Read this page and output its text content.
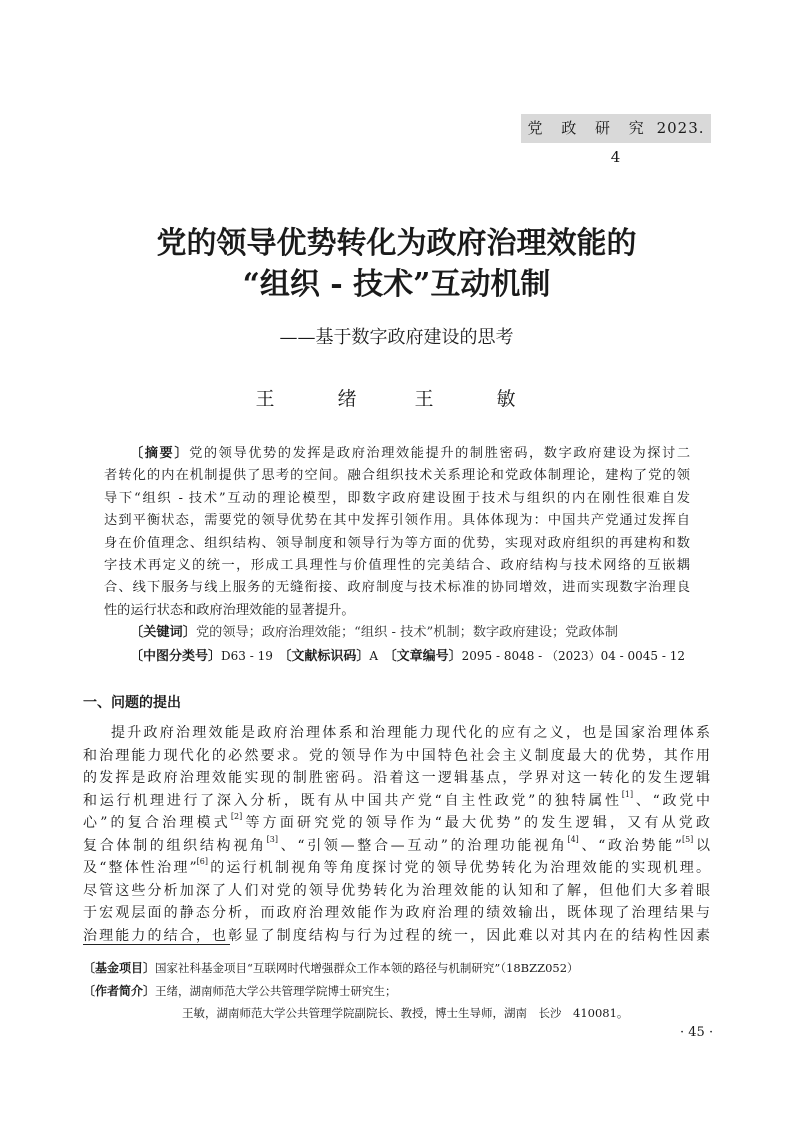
党 政 研 究 2023. 4
党的领导优势转化为政府治理效能的
“组织 - 技术”互动机制
——基于数字政府建设的思考
王　绪 王　敏
〔摘要〕党的领导优势的发挥是政府治理效能提升的制胜密码，数字政府建设为探讨二
者转化的内在机制提供了思考的空间。融合组织技术关系理论和党政体制理论，建构了党的领
导下“组织 - 技术”互动的理论模型，即数字政府建设囿于技术与组织的内在刚性很难自发
达到平衡状态，需要党的领导优势在其中发挥引领作用。具体体现为：中国共产党通过发挥自
身在价值理念、组织结构、领导制度和领导行为等方面的优势，实现对政府组织的再建构和数
字技术再定义的统一，形成工具理性与价值理性的完美结合、政府结构与技术网络的互嵌耦
合、线下服务与线上服务的无缝衔接、政府制度与技术标准的协同增效，进而实现数字治理良
性的运行状态和政府治理效能的显著提升。
〔关键词〕党的领导；政府治理效能；“组织 - 技术”机制；数字政府建设；党政体制
〔中图分类号〕D63 - 19　 〔文献标识码〕A　 〔文章编号〕2095 - 8048 - （2023）04 - 0045 - 12
一、问题的提出
提升政府治理效能是政府治理体系和治理能力现代化的应有之义，也是国家治理体系
和治理能力现代化的必然要求。党的领导作为中国特色社会主义制度最大的优势，其作用
的发挥是政府治理效能实现的制胜密码。沿着这一逻辑基点，学界对这一转化的发生逻辑
和运行机理进行了深入分析，既有从中国共产党“自主性政党”的独特属性[1]、“政党中
心”的复合治理模式[2]等方面研究党的领导作为“最大优势”的发生逻辑，又有从党政
复合体制的组织结构视角[3]、“引领—整合—互动”的治理功能视角[4]、“政治势能”[5]以
及“整体性治理”[6]的运行机制视角等角度探讨党的领导优势转化为治理效能的实现机理。
尽管这些分析加深了人们对党的领导优势转化为治理效能的认知和了解，但他们大多着眼
于宏观层面的静态分析，而政府治理效能作为政府治理的绩效输出，既体现了治理结果与
治理能力的结合，也彰显了制度结构与行为过程的统一，因此难以对其内在的结构性因素
〔基金项目〕国家社科基金项目“互联网时代增强群众工作本领的路径与机制研究”（18BZZ052）
〔作者简介〕王绪，湖南师范大学公共管理学院博士研究生；
王敏，湖南师范大学公共管理学院副院长、教授，博士生导师，湖南　长沙　410081。
· 45 ·
